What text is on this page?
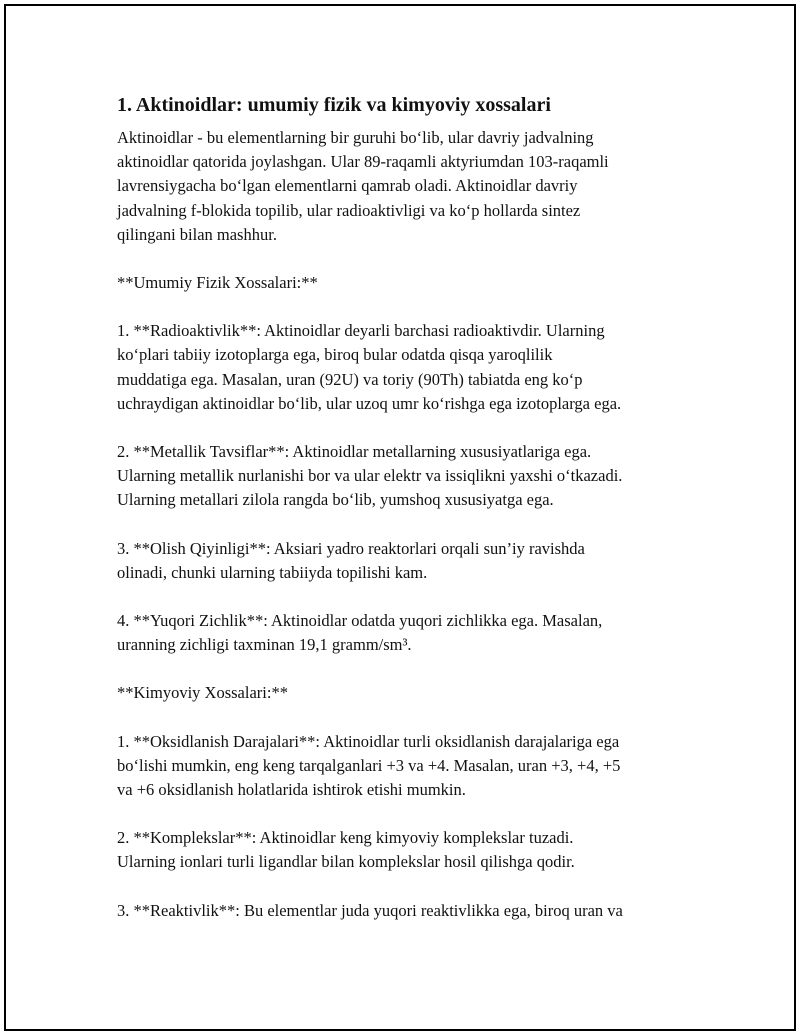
1. Aktinoidlar: umumiy fizik va kimyoviy xossalari
Aktinoidlar - bu elementlarning bir guruhi bo‘lib, ular davriy jadvalning
aktinoidlar qatorida joylashgan. Ular 89-raqamli aktyriumdan 103-raqamli
lavrensiygacha bo‘lgan elementlarni qamrab oladi. Aktinoidlar davriy
jadvalning f-blokida topilib, ular radioaktivligi va ko‘p hollarda sintez
qilingani bilan mashhur.
**Umumiy Fizik Xossalari:**
1. **Radioaktivlik**: Aktinoidlar deyarli barchasi radioaktivdir. Ularning
ko‘plari tabiiy izotoplarga ega, biroq bular odatda qisqa yaroqlilik
muddatiga ega. Masalan, uran (92U) va toriy (90Th) tabiatda eng ko‘p
uchraydigan aktinoidlar bo‘lib, ular uzoq umr ko‘rishga ega izotoplarga ega.
2. **Metallik Tavsiflar**: Aktinoidlar metallarning xususiyatlariga ega.
Ularning metallik nurlanishi bor va ular elektr va issiqlikni yaxshi o‘tkazadi.
Ularning metallari zilola rangda bo‘lib, yumshoq xususiyatga ega.
3. **Olish Qiyinligi**: Aksiari yadro reaktorlari orqali sun’iy ravishda
olinadi, chunki ularning tabiiyda topilishi kam.
4. **Yuqori Zichlik**: Aktinoidlar odatda yuqori zichlikka ega. Masalan,
uranning zichligi taxminan 19,1 gramm/sm³.
**Kimyoviy Xossalari:**
1. **Oksidlanish Darajalari**: Aktinoidlar turli oksidlanish darajalariga ega
bo‘lishi mumkin, eng keng tarqalganlari +3 va +4. Masalan, uran +3, +4, +5
va +6 oksidlanish holatlarida ishtirok etishi mumkin.
2. **Komplekslar**: Aktinoidlar keng kimyoviy komplekslar tuzadi.
Ularning ionlari turli ligandlar bilan komplekslar hosil qilishga qodir.
3. **Reaktivlik**: Bu elementlar juda yuqori reaktivlikka ega, biroq uran va
